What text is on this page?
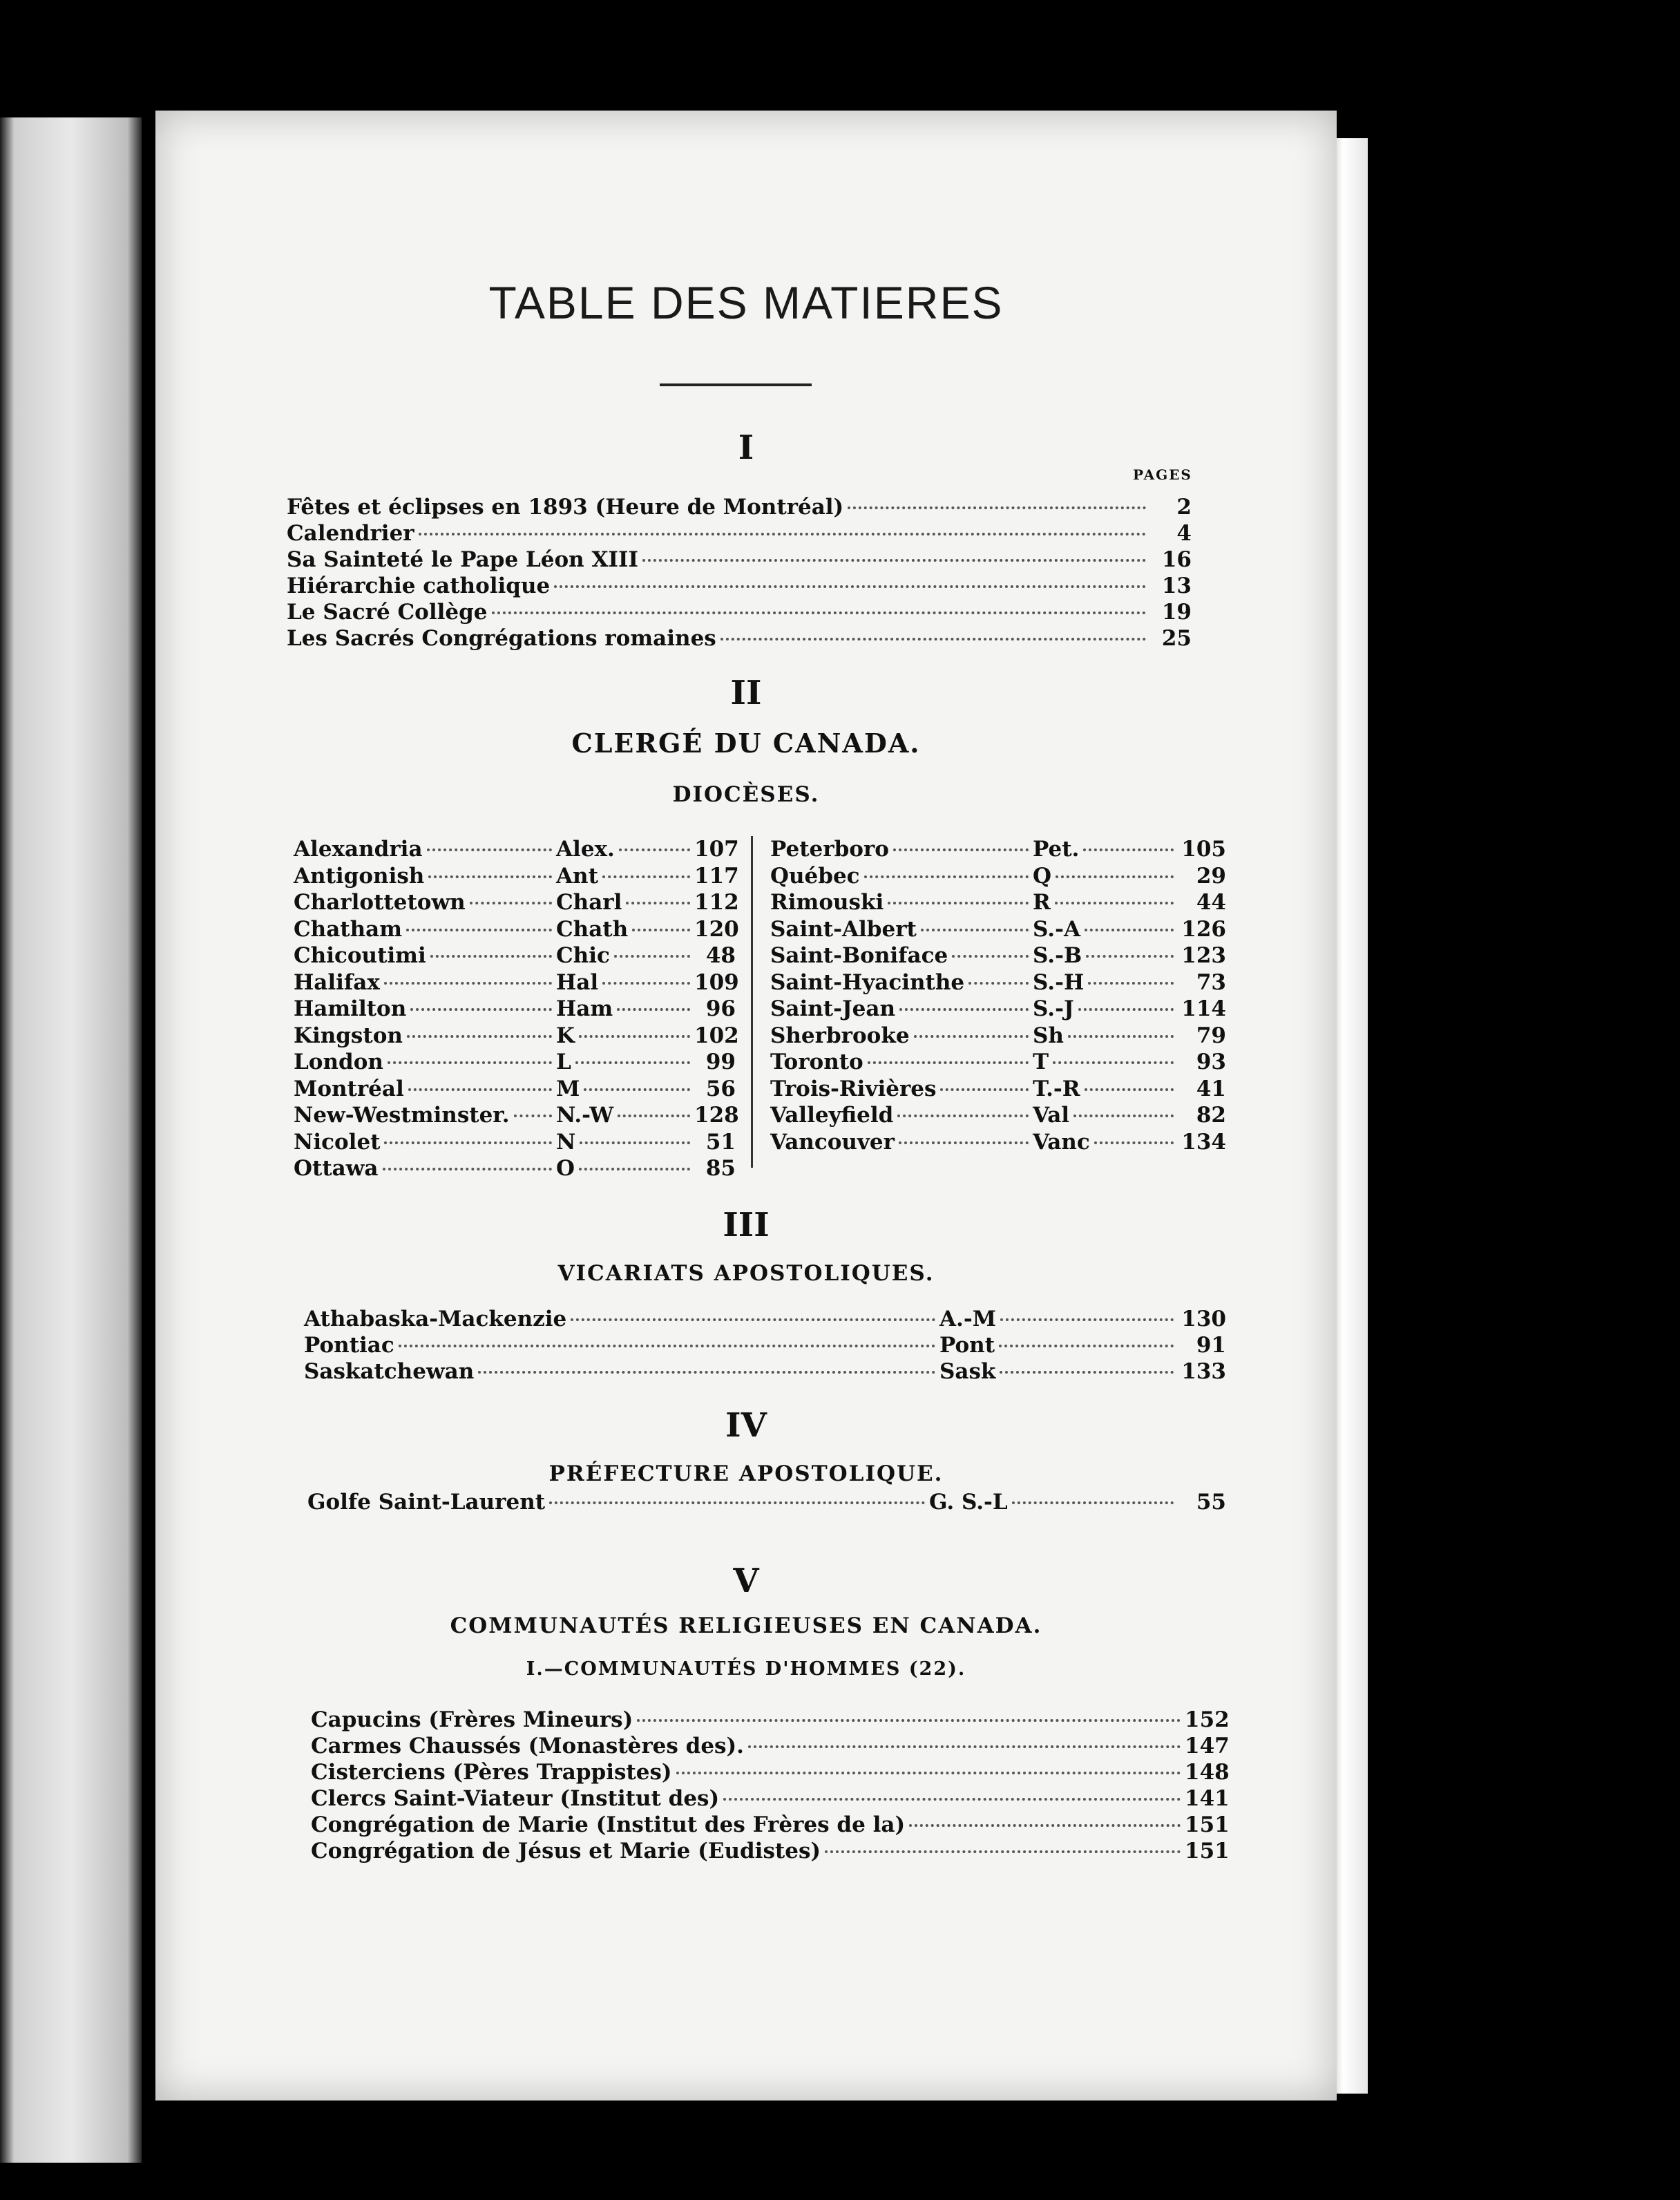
TABLE DES MATIERES
I
PAGES
Fêtes et éclipses en 1893 (Heure de Montréal)	2
Calendrier	4
Sa Sainteté le Pape Léon XIII	16
Hiérarchie catholique	13
Le Sacré Collège	19
Les Sacrés Congrégations romaines	25
II
CLERGÉ DU CANADA.
DIOCÈSES.
Alexandria	Alex.	107
Antigonish	Ant	117
Charlottetown	Charl	112
Chatham	Chath	120
Chicoutimi	Chic	48
Halifax	Hal	109
Hamilton	Ham	96
Kingston	K	102
London	L	99
Montréal	M	56
New-Westminster. N.-W	128
Nicolet	N	51
Ottawa	O	85
Peterboro	Pet.	105
Québec	Q	29
Rimouski	R	44
Saint-Albert	S.-A	126
Saint-Boniface	S.-B	123
Saint-Hyacinthe	S.-H	73
Saint-Jean	S.-J	114
Sherbrooke	Sh	79
Toronto	T	93
Trois-Rivières	T.-R	41
Valleyfield	Val	82
Vancouver	Vanc	134
III
VICARIATS APOSTOLIQUES.
Athabaska-Mackenzie	A.-M	130
Pontiac	Pont	91
Saskatchewan	Sask	133
IV
PRÉFECTURE APOSTOLIQUE.
Golfe Saint-Laurent	G. S.-L	55
V
COMMUNAUTÉS RELIGIEUSES EN CANADA.
I.—COMMUNAUTÉS D'HOMMES (22).
Capucins (Frères Mineurs)	152
Carmes Chaussés (Monastères des).	147
Cisterciens (Pères Trappistes)	148
Clercs Saint-Viateur (Institut des)	141
Congrégation de Marie (Institut des Frères de la)	151
Congrégation de Jésus et Marie (Eudistes)	151
